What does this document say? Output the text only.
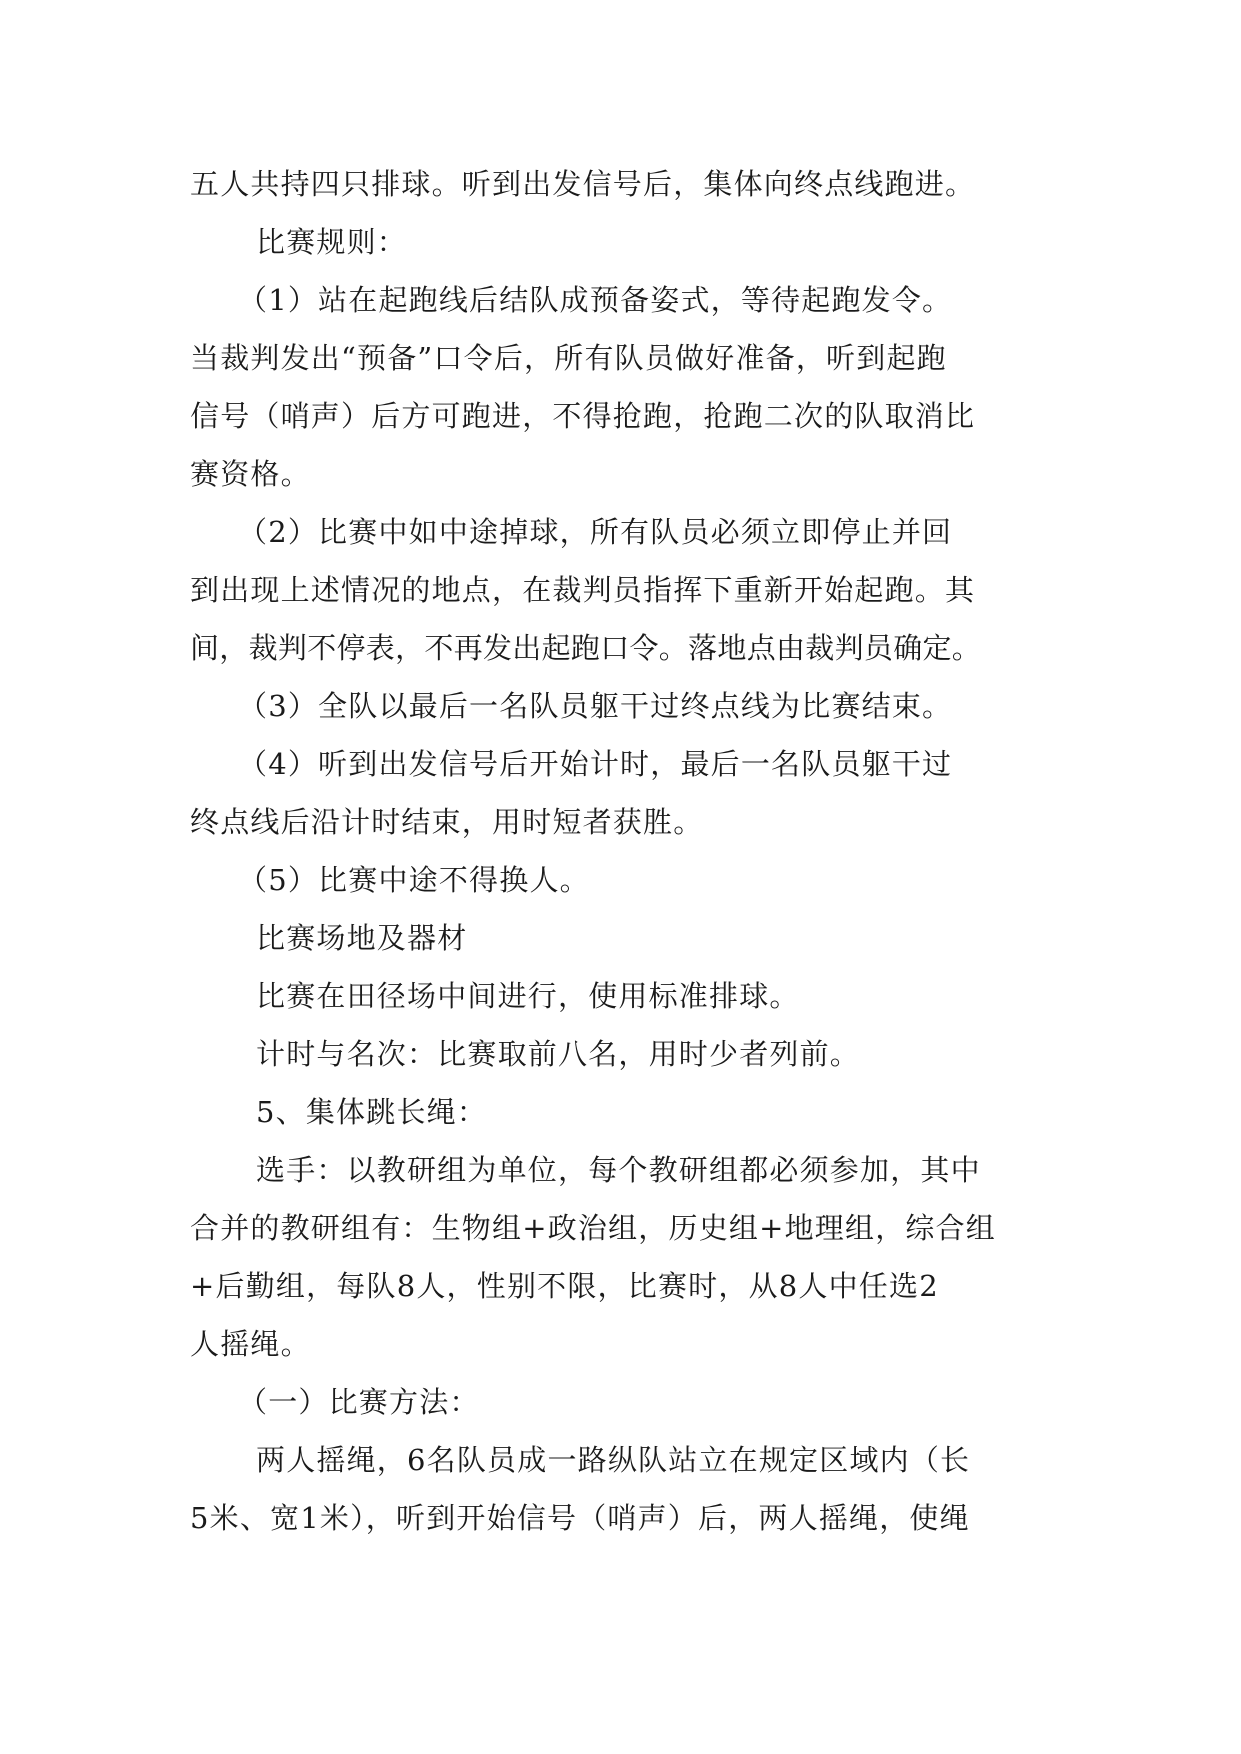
五人共持四只排球。听到出发信号后，集体向终点线跑进。
比赛规则：
（1）站在起跑线后结队成预备姿式，等待起跑发令。
当裁判发出“预备”口令后，所有队员做好准备，听到起跑
信号（哨声）后方可跑进，不得抢跑，抢跑二次的队取消比
赛资格。
（2）比赛中如中途掉球，所有队员必须立即停止并回
到出现上述情况的地点，在裁判员指挥下重新开始起跑。其
间，裁判不停表，不再发出起跑口令。落地点由裁判员确定。
（3）全队以最后一名队员躯干过终点线为比赛结束。
（4）听到出发信号后开始计时，最后一名队员躯干过
终点线后沿计时结束，用时短者获胜。
（5）比赛中途不得换人。
比赛场地及器材
比赛在田径场中间进行，使用标准排球。
计时与名次：比赛取前八名，用时少者列前。
5、集体跳长绳：
选手：以教研组为单位，每个教研组都必须参加，其中
合并的教研组有：生物组+政治组，历史组+地理组，综合组
+后勤组，每队8人，性别不限，比赛时，从8人中任选2
人摇绳。
（一）比赛方法：
两人摇绳，6名队员成一路纵队站立在规定区域内（长
5米、宽1米），听到开始信号（哨声）后，两人摇绳，使绳
